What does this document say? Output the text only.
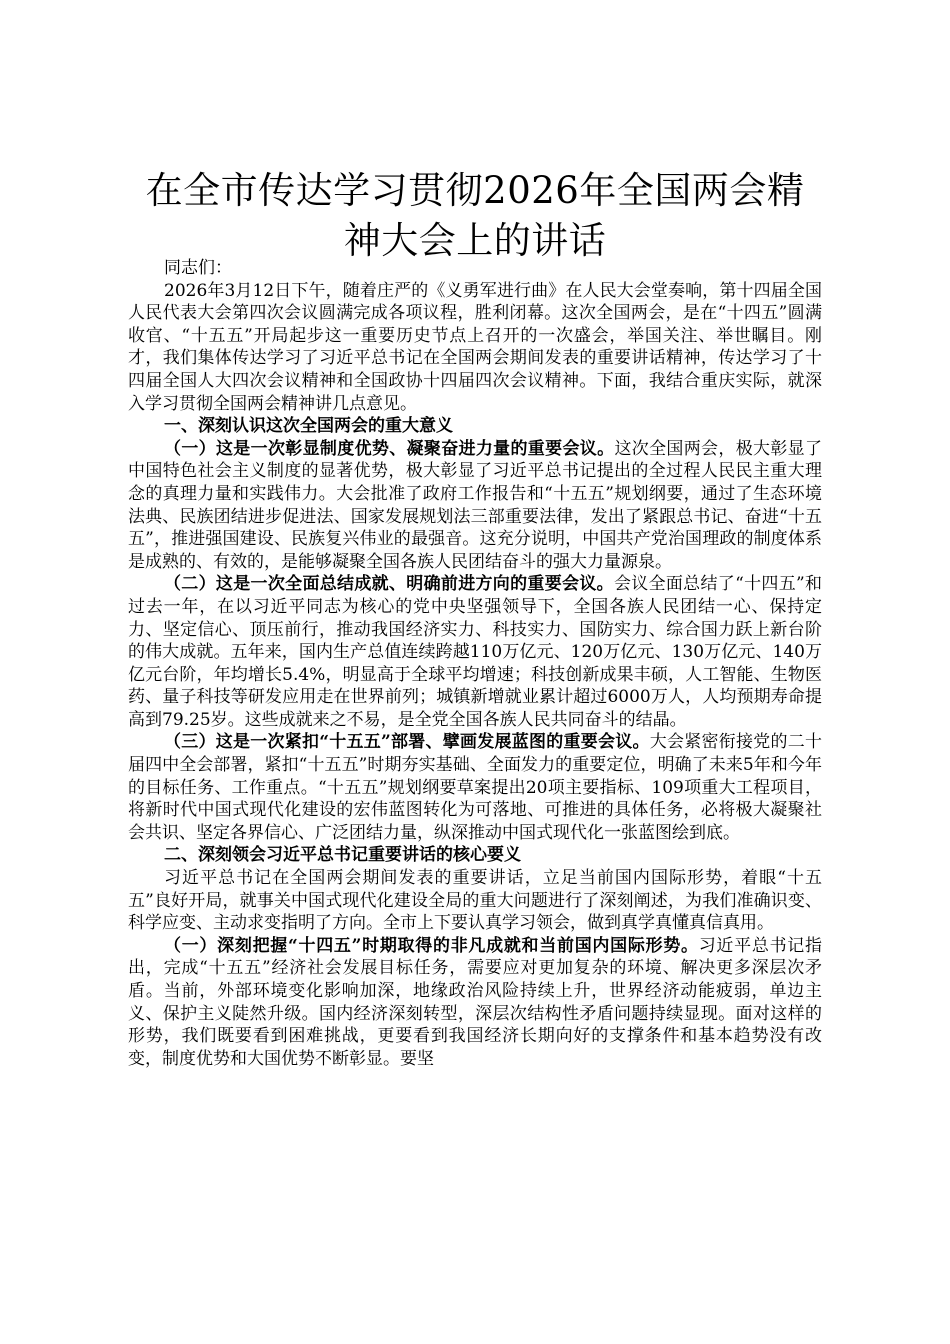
在全市传达学习贯彻2026年全国两会精神大会上的讲话

同志们：

2026年3月12日下午，随着庄严的《义勇军进行曲》在人民大会堂奏响，第十四届全国人民代表大会第四次会议圆满完成各项议程，胜利闭幕。这次全国两会，是在“十四五”圆满收官、“十五五”开局起步这一重要历史节点上召开的一次盛会，举国关注、举世瞩目。刚才，我们集体传达学习了习近平总书记在全国两会期间发表的重要讲话精神，传达学习了十四届全国人大四次会议精神和全国政协十四届四次会议精神。下面，我结合重庆实际，就深入学习贯彻全国两会精神讲几点意见。

一、深刻认识这次全国两会的重大意义

（一）这是一次彰显制度优势、凝聚奋进力量的重要会议。这次全国两会，极大彰显了中国特色社会主义制度的显著优势，极大彰显了习近平总书记提出的全过程人民民主重大理念的真理力量和实践伟力。大会批准了政府工作报告和“十五五”规划纲要，通过了生态环境法典、民族团结进步促进法、国家发展规划法三部重要法律，发出了紧跟总书记、奋进“十五五”，推进强国建设、民族复兴伟业的最强音。这充分说明，中国共产党治国理政的制度体系是成熟的、有效的，是能够凝聚全国各族人民团结奋斗的强大力量源泉。

（二）这是一次全面总结成就、明确前进方向的重要会议。会议全面总结了“十四五”和过去一年，在以习近平同志为核心的党中央坚强领导下，全国各族人民团结一心、保持定力、坚定信心、顶压前行，推动我国经济实力、科技实力、国防实力、综合国力跃上新台阶的伟大成就。五年来，国内生产总值连续跨越110万亿元、120万亿元、130万亿元、140万亿元台阶，年均增长5.4%，明显高于全球平均增速；科技创新成果丰硕，人工智能、生物医药、量子科技等研发应用走在世界前列；城镇新增就业累计超过6000万人，人均预期寿命提高到79.25岁。这些成就来之不易，是全党全国各族人民共同奋斗的结晶。

（三）这是一次紧扣“十五五”部署、擘画发展蓝图的重要会议。大会紧密衔接党的二十届四中全会部署，紧扣“十五五”时期夯实基础、全面发力的重要定位，明确了未来5年和今年的目标任务、工作重点。“十五五”规划纲要草案提出20项主要指标、109项重大工程项目，将新时代中国式现代化建设的宏伟蓝图转化为可落地、可推进的具体任务，必将极大凝聚社会共识、坚定各界信心、广泛团结力量，纵深推动中国式现代化一张蓝图绘到底。

二、深刻领会习近平总书记重要讲话的核心要义

习近平总书记在全国两会期间发表的重要讲话，立足当前国内国际形势，着眼“十五五”良好开局，就事关中国式现代化建设全局的重大问题进行了深刻阐述，为我们准确识变、科学应变、主动求变指明了方向。全市上下要认真学习领会，做到真学真懂真信真用。

（一）深刻把握“十四五”时期取得的非凡成就和当前国内国际形势。习近平总书记指出，完成“十五五”经济社会发展目标任务，需要应对更加复杂的环境、解决更多深层次矛盾。当前，外部环境变化影响加深，地缘政治风险持续上升，世界经济动能疲弱，单边主义、保护主义陡然升级。国内经济深刻转型，深层次结构性矛盾问题持续显现。面对这样的形势，我们既要看到困难挑战，更要看到我国经济长期向好的支撑条件和基本趋势没有改变，制度优势和大国优势不断彰显。要坚
